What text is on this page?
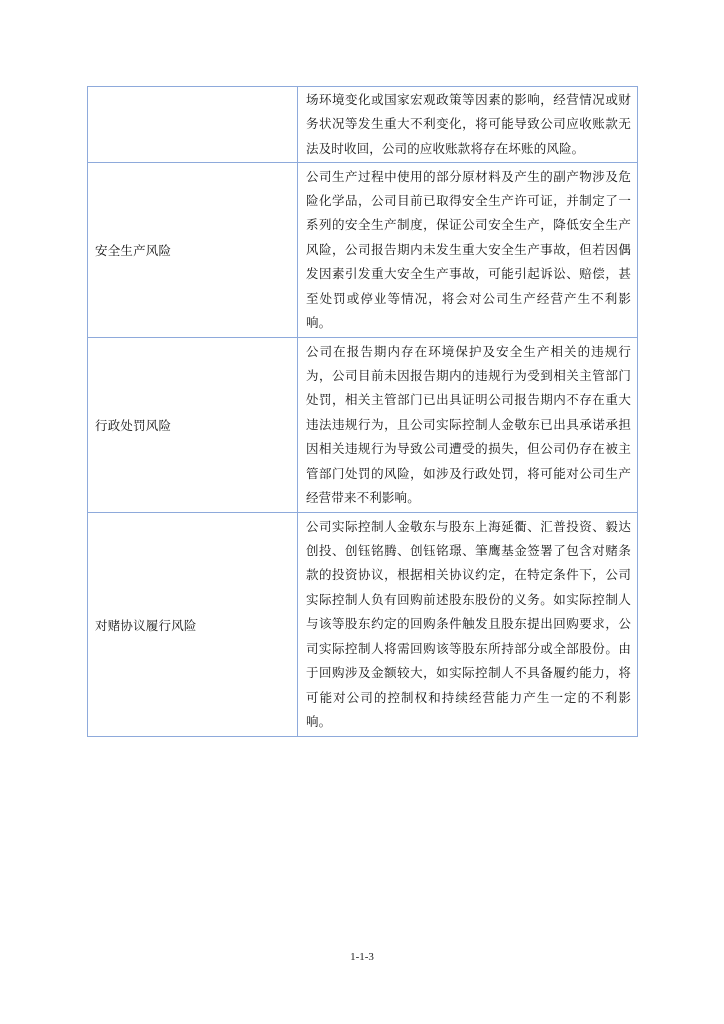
	场环境变化或国家宏观政策等因素的影响，经营情况或财务状况等发生重大不利变化，将可能导致公司应收账款无法及时收回，公司的应收账款将存在坏账的风险。

安全生产风险	公司生产过程中使用的部分原材料及产生的副产物涉及危险化学品，公司目前已取得安全生产许可证，并制定了一系列的安全生产制度，保证公司安全生产，降低安全生产风险，公司报告期内未发生重大安全生产事故，但若因偶发因素引发重大安全生产事故，可能引起诉讼、赔偿，甚至处罚或停业等情况，将会对公司生产经营产生不利影响。

行政处罚风险	公司在报告期内存在环境保护及安全生产相关的违规行为，公司目前未因报告期内的违规行为受到相关主管部门处罚，相关主管部门已出具证明公司报告期内不存在重大违法违规行为，且公司实际控制人金敬东已出具承诺承担因相关违规行为导致公司遭受的损失，但公司仍存在被主管部门处罚的风险，如涉及行政处罚，将可能对公司生产经营带来不利影响。

对赌协议履行风险	公司实际控制人金敬东与股东上海延衢、汇普投资、毅达创投、创钰铭腾、创钰铭璟、筆鹰基金签署了包含对赌条款的投资协议，根据相关协议约定，在特定条件下，公司实际控制人负有回购前述股东股份的义务。如实际控制人与该等股东约定的回购条件触发且股东提出回购要求，公司实际控制人将需回购该等股东所持部分或全部股份。由于回购涉及金额较大，如实际控制人不具备履约能力，将可能对公司的控制权和持续经营能力产生一定的不利影响。

1-1-3
